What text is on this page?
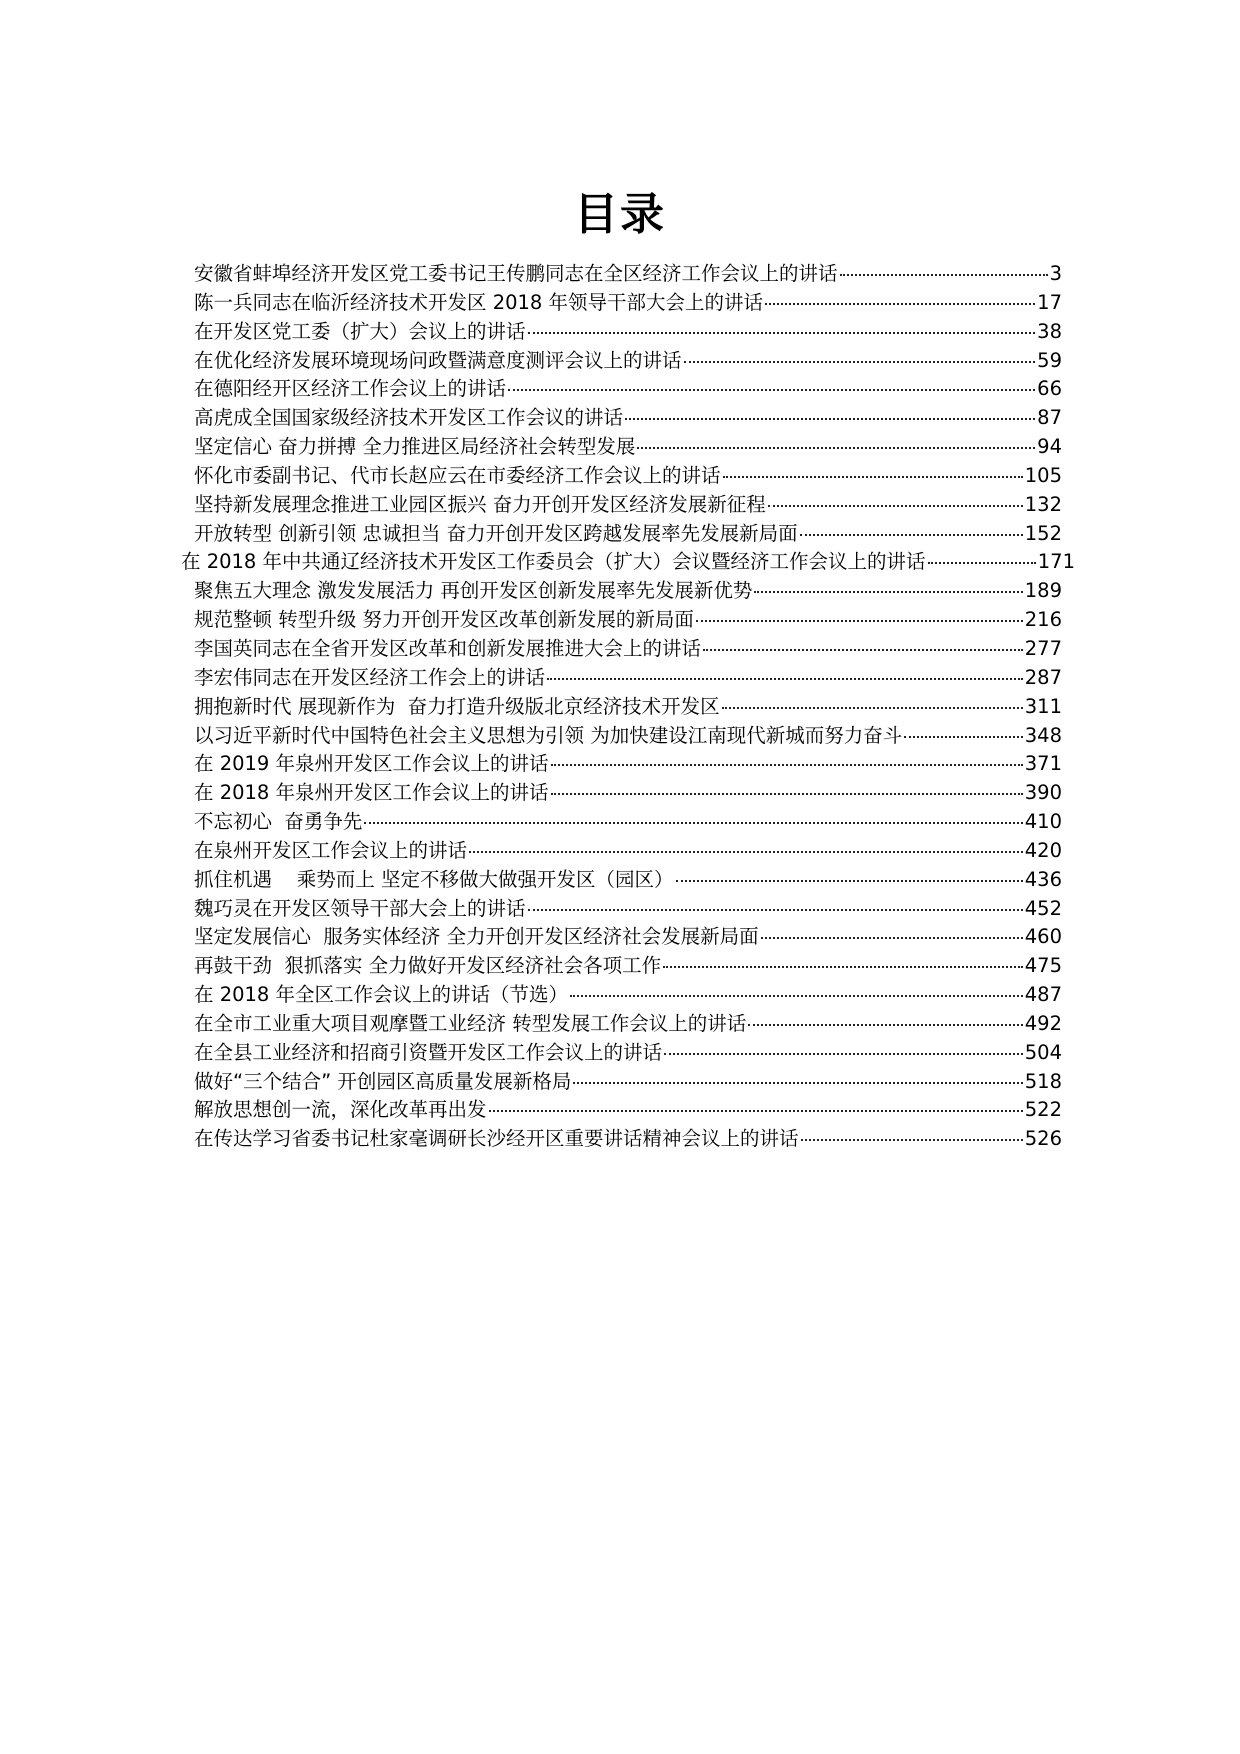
目录
安徽省蚌埠经济开发区党工委书记王传鹏同志在全区经济工作会议上的讲话	3
陈一兵同志在临沂经济技术开发区 2018 年领导干部大会上的讲话	17
在开发区党工委（扩大）会议上的讲话	38
在优化经济发展环境现场问政暨满意度测评会议上的讲话	59
在德阳经开区经济工作会议上的讲话	66
高虎成全国国家级经济技术开发区工作会议的讲话	87
坚定信心 奋力拼搏 全力推进区局经济社会转型发展	94
怀化市委副书记、代市长赵应云在市委经济工作会议上的讲话	105
坚持新发展理念推进工业园区振兴 奋力开创开发区经济发展新征程	132
开放转型 创新引领 忠诚担当 奋力开创开发区跨越发展率先发展新局面	152
在 2018 年中共通辽经济技术开发区工作委员会（扩大）会议暨经济工作会议上的讲话	171
聚焦五大理念 激发发展活力 再创开发区创新发展率先发展新优势	189
规范整顿 转型升级 努力开创开发区改革创新发展的新局面	216
李国英同志在全省开发区改革和创新发展推进大会上的讲话	277
李宏伟同志在开发区经济工作会上的讲话	287
拥抱新时代 展现新作为  奋力打造升级版北京经济技术开发区	311
以习近平新时代中国特色社会主义思想为引领 为加快建设江南现代新城而努力奋斗	348
在 2019 年泉州开发区工作会议上的讲话	371
在 2018 年泉州开发区工作会议上的讲话	390
不忘初心  奋勇争先	410
在泉州开发区工作会议上的讲话	420
抓住机遇    乘势而上 坚定不移做大做强开发区（园区）	436
魏巧灵在开发区领导干部大会上的讲话	452
坚定发展信心  服务实体经济 全力开创开发区经济社会发展新局面	460
再鼓干劲  狠抓落实 全力做好开发区经济社会各项工作	475
在 2018 年全区工作会议上的讲话（节选）	487
在全市工业重大项目观摩暨工业经济 转型发展工作会议上的讲话	492
在全县工业经济和招商引资暨开发区工作会议上的讲话	504
做好“三个结合” 开创园区高质量发展新格局	518
解放思想创一流，深化改革再出发	522
在传达学习省委书记杜家毫调研长沙经开区重要讲话精神会议上的讲话	526
